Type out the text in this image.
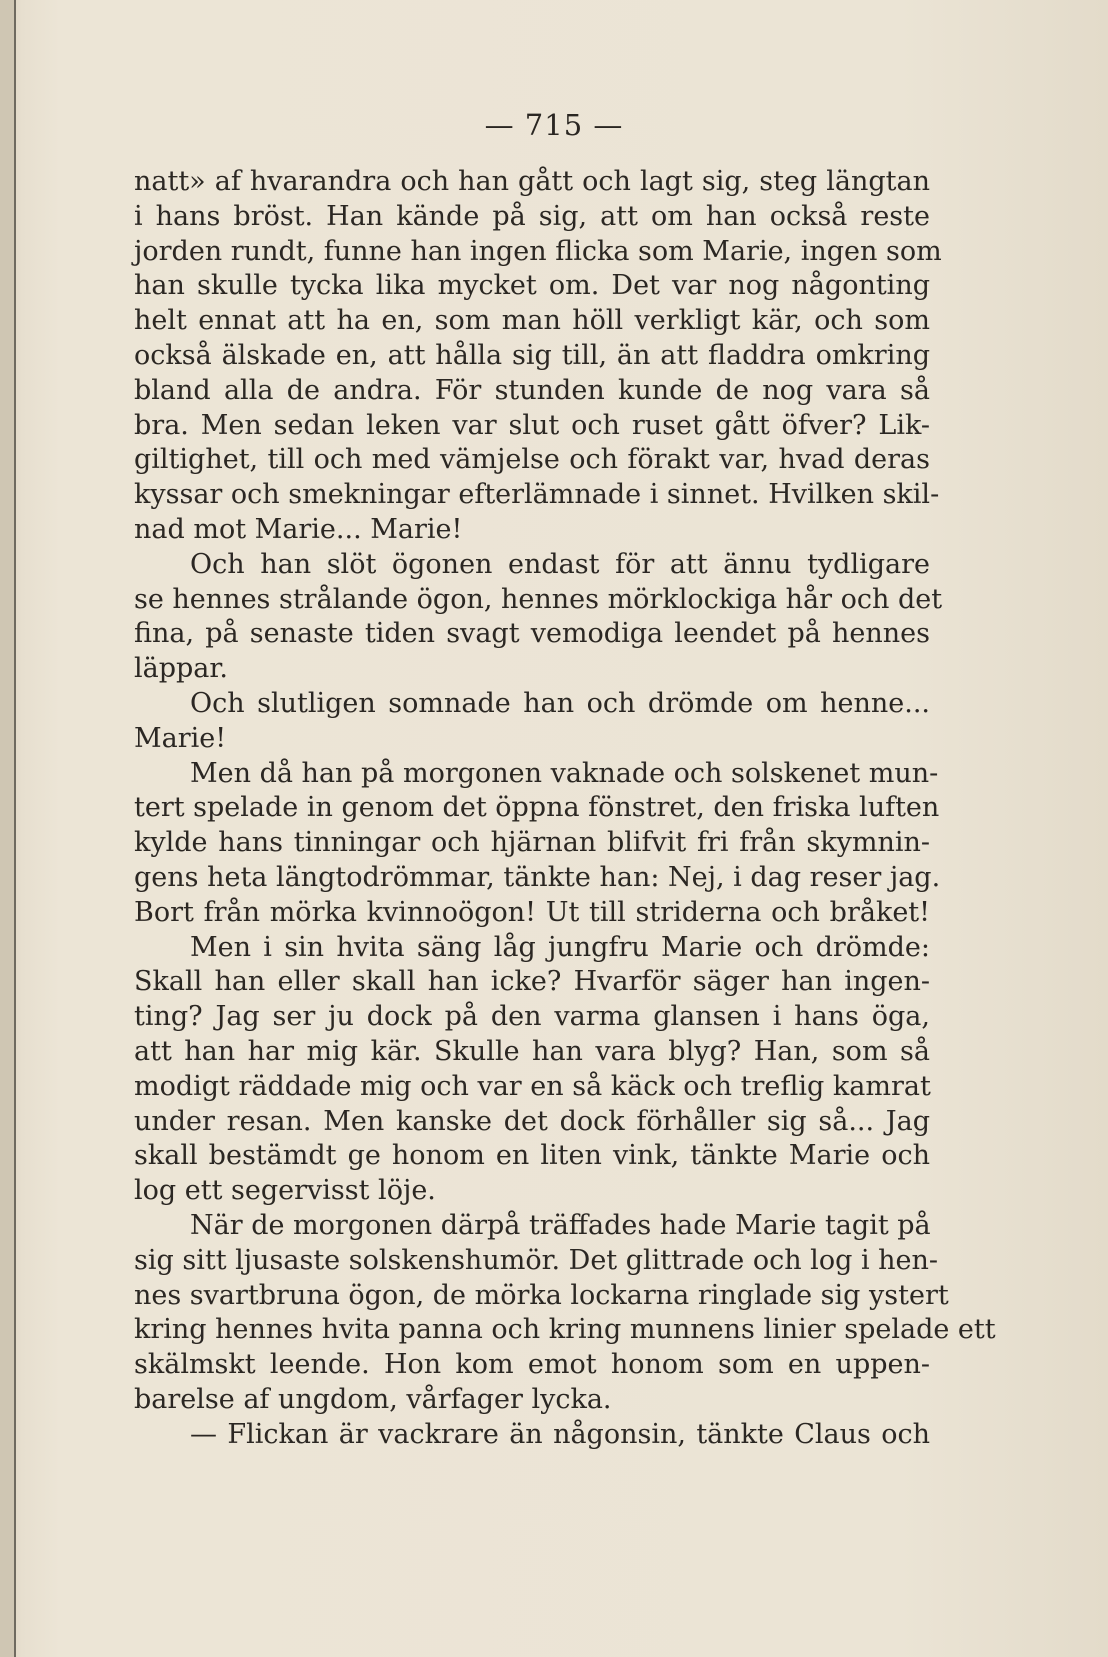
— 715 —
natt» af hvarandra och han gått och lagt sig, steg längtan
i hans bröst. Han kände på sig, att om han också reste
jorden rundt, funne han ingen flicka som Marie, ingen som
han skulle tycka lika mycket om. Det var nog någonting
helt ennat att ha en, som man höll verkligt kär, och som
också älskade en, att hålla sig till, än att fladdra omkring
bland alla de andra. För stunden kunde de nog vara så
bra. Men sedan leken var slut och ruset gått öfver? Lik-
giltighet, till och med vämjelse och förakt var, hvad deras
kyssar och smekningar efterlämnade i sinnet. Hvilken skil-
nad mot Marie... Marie!
Och han slöt ögonen endast för att ännu tydligare
se hennes strålande ögon, hennes mörklockiga hår och det
fina, på senaste tiden svagt vemodiga leendet på hennes
läppar.
Och slutligen somnade han och drömde om henne...
Marie!
Men då han på morgonen vaknade och solskenet mun-
tert spelade in genom det öppna fönstret, den friska luften
kylde hans tinningar och hjärnan blifvit fri från skymnin-
gens heta längtodrömmar, tänkte han: Nej, i dag reser jag.
Bort från mörka kvinnoögon! Ut till striderna och bråket!
Men i sin hvita säng låg jungfru Marie och drömde:
Skall han eller skall han icke? Hvarför säger han ingen-
ting? Jag ser ju dock på den varma glansen i hans öga,
att han har mig kär. Skulle han vara blyg? Han, som så
modigt räddade mig och var en så käck och treflig kamrat
under resan. Men kanske det dock förhåller sig så... Jag
skall bestämdt ge honom en liten vink, tänkte Marie och
log ett segervisst löje.
När de morgonen därpå träffades hade Marie tagit på
sig sitt ljusaste solskenshumör. Det glittrade och log i hen-
nes svartbruna ögon, de mörka lockarna ringlade sig ystert
kring hennes hvita panna och kring munnens linier spelade ett
skälmskt leende. Hon kom emot honom som en uppen-
barelse af ungdom, vårfager lycka.
— Flickan är vackrare än någonsin, tänkte Claus och
